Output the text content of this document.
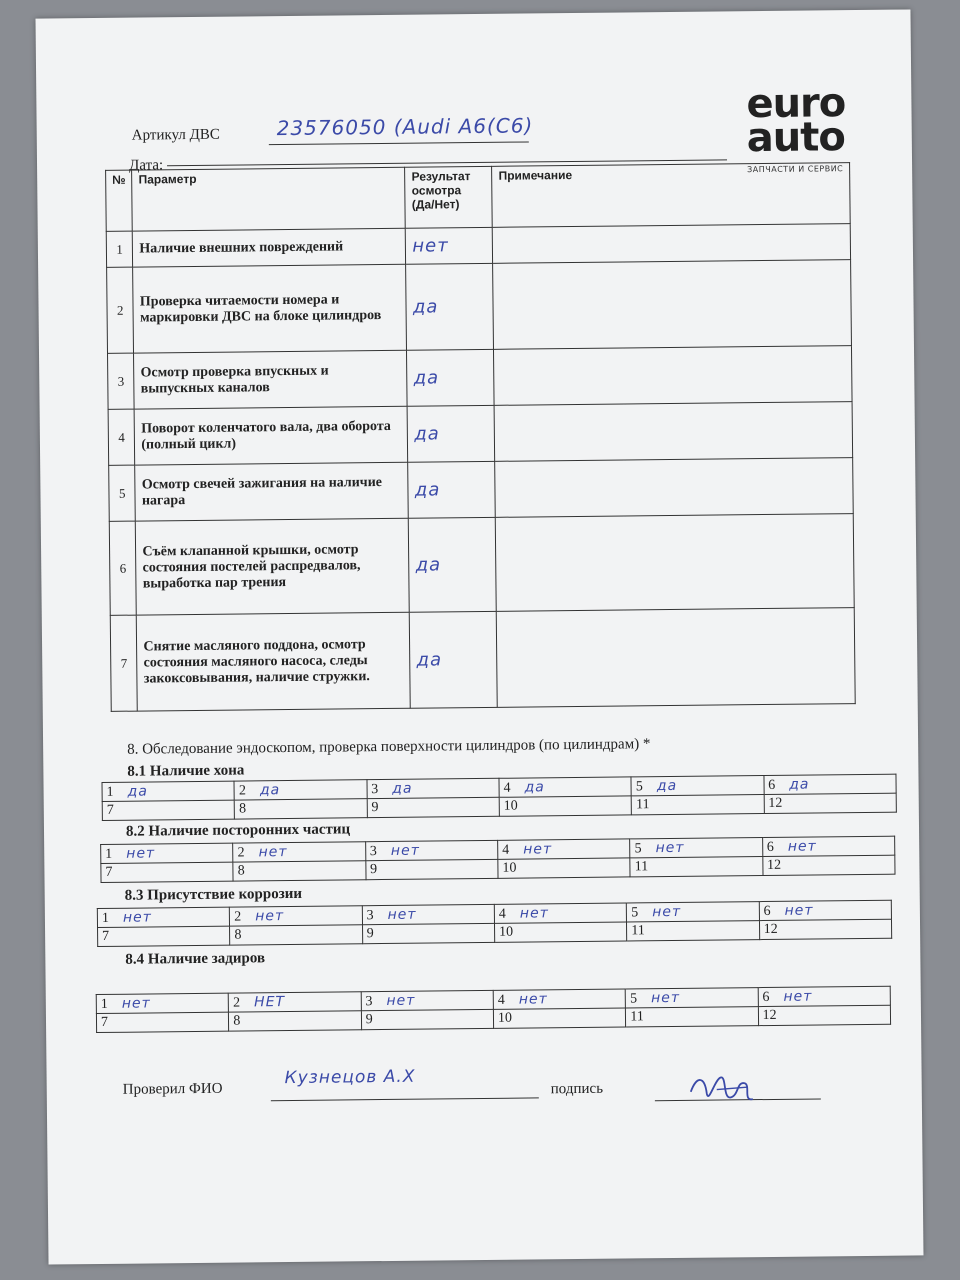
Артикул ДВС	23576050 (Audi A6(C6)
Дата:
euro
auto
ЗАПЧАСТИ И СЕРВИС
№	Параметр	Результат осмотра (Да/Нет)	Примечание
1	Наличие внешних повреждений	нет	
2	Проверка читаемости номера и маркировки ДВС на блоке цилиндров	да	
3	Осмотр проверка впускных и выпускных каналов	да	
4	Поворот коленчатого вала, два оборота (полный цикл)	да	
5	Осмотр свечей зажигания на наличие нагара	да	
6	Съём клапанной крышки, осмотр состояния постелей распредвалов, выработка пар трения	да	
7	Снятие масляного поддона, осмотр состояния масляного насоса, следы закоксовывания, наличие стружки.	да	
8. Обследованиe эндоскопом, проверка поверхности цилиндров (по цилиндрам) *
8.1 Наличие хона
1 да	2 да	3 да	4 да	5 да	6 да
7	8	9	10	11	12
8.2 Наличие посторонних частиц
1 нет	2 нет	3 нет	4 нет	5 нет	6 нет
7	8	9	10	11	12
8.3 Присутствие коррозии
1 нет	2 нет	3 нет	4 нет	5 нет	6 нет
7	8	9	10	11	12
8.4 Наличие задиров
1 нет	2 НЕТ	3 нет	4 нет	5 нет	6 нет
7	8	9	10	11	12
Проверил ФИО
Кузнецов А.Х
подпись
